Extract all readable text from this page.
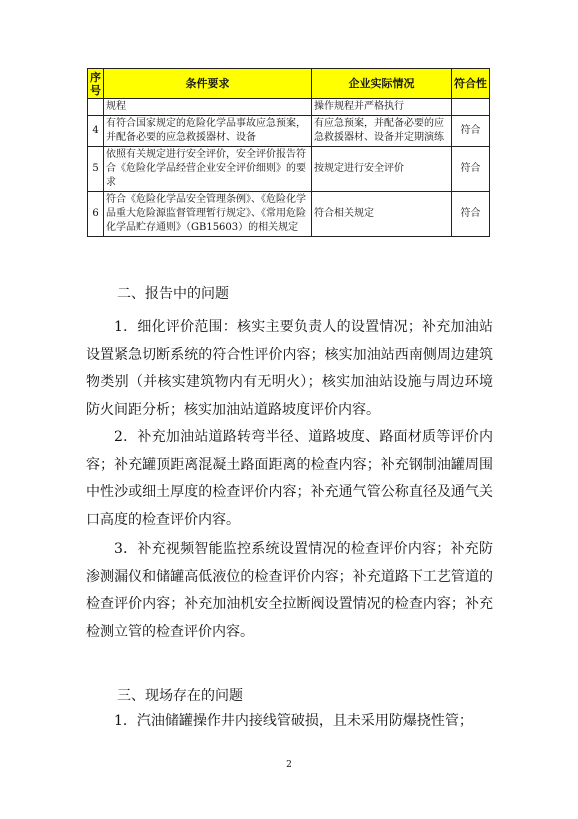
序号	条件要求	企业实际情况	符合性
	规程	操作规程并严格执行	
4	有符合国家规定的危险化学品事故应急预案，并配备必要的应急救援器材、设备	有应急预案，并配备必要的应急救援器材、设备并定期演练	符合
5	依照有关规定进行安全评价，安全评价报告符合《危险化学品经营企业安全评价细则》的要求	按规定进行安全评价	符合
6	符合《危险化学品安全管理条例》、《危险化学品重大危险源监督管理暂行规定》、《常用危险化学品贮存通则》（GB15603）的相关规定	符合相关规定	符合
二、报告中的问题
1．细化评价范围：核实主要负责人的设置情况；补充加油站设置紧急切断系统的符合性评价内容；核实加油站西南侧周边建筑物类别（并核实建筑物内有无明火）；核实加油站设施与周边环境防火间距分析；核实加油站道路坡度评价内容。
2．补充加油站道路转弯半径、道路坡度、路面材质等评价内容；补充罐顶距离混凝土路面距离的检查内容；补充钢制油罐周围中性沙或细土厚度的检查评价内容；补充通气管公称直径及通气关口高度的检查评价内容。
3．补充视频智能监控系统设置情况的检查评价内容；补充防渗测漏仪和储罐高低液位的检查评价内容；补充道路下工艺管道的检查评价内容；补充加油机安全拉断阀设置情况的检查内容；补充检测立管的检查评价内容。
三、现场存在的问题
1．汽油储罐操作井内接线管破损，且未采用防爆挠性管；
2
